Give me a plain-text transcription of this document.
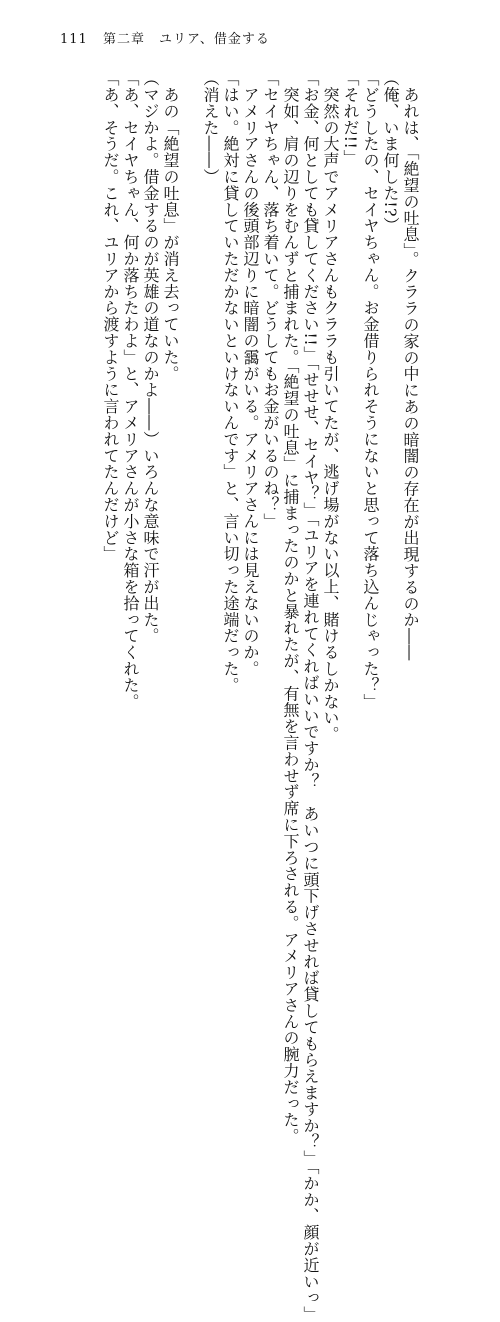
111 第二章　ユリア、借金する
　あれは、「絶望の吐息」。クララの家の中にあの暗闇の存在が出現するのか――
（俺、いま何した!?）
「どうしたの、セイヤちゃん。お金借りられそうにないと思って落ち込んじゃった？」
「それだ!!」
　突然の大声でアメリアさんもクララも引いてたが、逃げ場がない以上、賭けるしかない。
「お金、何としても貸してください!!」「せせせ、セイヤ？」「ユリアを連れてくればいいですか？　あいつに頭下げさせれば貸してもらえますか？」「かか、顔が近いっ」
　突如、肩の辺りをむんずと捕まれた。「絶望の吐息」に捕まったのかと暴れたが、有無を言わせず席に下ろされる。アメリアさんの腕力だった。
「セイヤちゃん、落ち着いて。どうしてもお金がいるのね？」
　アメリアさんの後頭部辺りに暗闇の靄がいる。アメリアさんには見えないのか。
「はい。絶対に貸していただかないといけないんです」と、言い切った途端だった。
（消えた――）
　あの「絶望の吐息」が消え去っていた。
（マジかよ。借金するのが英雄の道なのかよ――）いろんな意味で汗が出た。
「あ、セイヤちゃん、何か落ちたわよ」と、アメリアさんが小さな箱を拾ってくれた。
「あ、そうだ。これ、ユリアから渡すように言われてたんだけど」
